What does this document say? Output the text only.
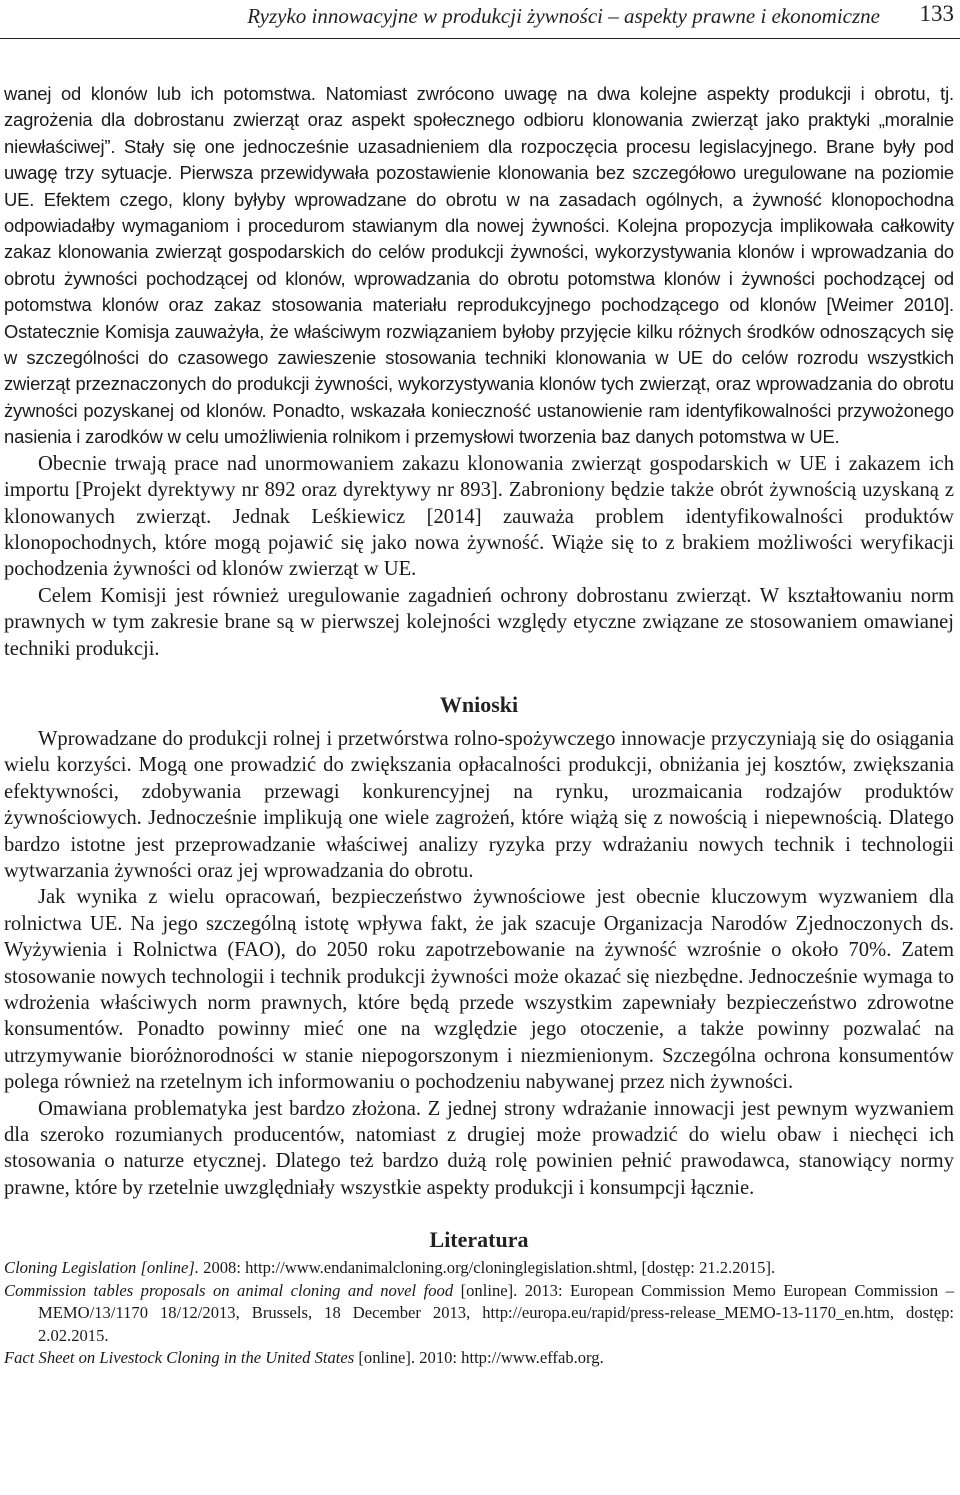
Ryzyko innowacyjne w produkcji żywności – aspekty prawne i ekonomiczne 133

wanej od klonów lub ich potomstwa. Natomiast zwrócono uwagę na dwa kolejne aspekty produkcji i obrotu, tj. zagrożenia dla dobrostanu zwierząt oraz aspekt społecznego odbioru klonowania zwierząt jako praktyki „moralnie niewłaściwej”. Stały się one jednocześnie uzasadnieniem dla rozpoczęcia procesu legislacyjnego. Brane były pod uwagę trzy sytuacje. Pierwsza przewidywała pozostawienie klonowania bez szczegółowo uregulowane na poziomie UE. Efektem czego, klony byłyby wprowadzane do obrotu w na zasadach ogólnych, a żywność klonopochodna odpowiadałby wymaganiom i procedurom stawianym dla nowej żywności. Kolejna propozycja implikowała całkowity zakaz klonowania zwierząt gospodarskich do celów produkcji żywności, wykorzystywania klonów i wprowadzania do obrotu żywności pochodzącej od klonów, wprowadzania do obrotu potomstwa klonów i żywności pochodzącej od potomstwa klonów oraz zakaz stosowania materiału reprodukcyjnego pochodzącego od klonów [Weimer 2010]. Ostatecznie Komisja zauważyła, że właściwym rozwiązaniem byłoby przyjęcie kilku różnych środków odnoszących się w szczególności do czasowego zawieszenie stosowania techniki klonowania w UE do celów rozrodu wszystkich zwierząt przeznaczonych do produkcji żywności, wykorzystywania klonów tych zwierząt, oraz wprowadzania do obrotu żywności pozyskanej od klonów. Ponadto, wskazała konieczność ustanowienie ram identyfikowalności przywożonego nasienia i zarodków w celu umożliwienia rolnikom i przemysłowi tworzenia baz danych potomstwa w UE.

Obecnie trwają prace nad unormowaniem zakazu klonowania zwierząt gospodarskich w UE i zakazem ich importu [Projekt dyrektywy nr 892 oraz dyrektywy nr 893]. Zabroniony będzie także obrót żywnością uzyskaną z klonowanych zwierząt. Jednak Leśkiewicz [2014] zauważa problem identyfikowalności produktów klonopochodnych, które mogą pojawić się jako nowa żywność. Wiąże się to z brakiem możliwości weryfikacji pochodzenia żywności od klonów zwierząt w UE.

Celem Komisji jest również uregulowanie zagadnień ochrony dobrostanu zwierząt. W kształtowaniu norm prawnych w tym zakresie brane są w pierwszej kolejności względy etyczne związane ze stosowaniem omawianej techniki produkcji.

Wnioski

Wprowadzane do produkcji rolnej i przetwórstwa rolno-spożywczego innowacje przyczyniają się do osiągania wielu korzyści. Mogą one prowadzić do zwiększania opłacalności produkcji, obniżania jej kosztów, zwiększania efektywności, zdobywania przewagi konkurencyjnej na rynku, urozmaicania rodzajów produktów żywnościowych. Jednocześnie implikują one wiele zagrożeń, które wiążą się z nowością i niepewnością. Dlatego bardzo istotne jest przeprowadzanie właściwej analizy ryzyka przy wdrażaniu nowych technik i technologii wytwarzania żywności oraz jej wprowadzania do obrotu.

Jak wynika z wielu opracowań, bezpieczeństwo żywnościowe jest obecnie kluczowym wyzwaniem dla rolnictwa UE. Na jego szczególną istotę wpływa fakt, że jak szacuje Organizacja Narodów Zjednoczonych ds. Wyżywienia i Rolnictwa (FAO), do 2050 roku zapotrzebowanie na żywność wzrośnie o około 70%. Zatem stosowanie nowych technologii i technik produkcji żywności może okazać się niezbędne. Jednocześnie wymaga to wdrożenia właściwych norm prawnych, które będą przede wszystkim zapewniały bezpieczeństwo zdrowotne konsumentów. Ponadto powinny mieć one na względzie jego otoczenie, a także powinny pozwalać na utrzymywanie bioróżnorodności w stanie niepogorszonym i niezmienionym. Szczególna ochrona konsumentów polega również na rzetelnym ich informowaniu o pochodzeniu nabywanej przez nich żywności.

Omawiana problematyka jest bardzo złożona. Z jednej strony wdrażanie innowacji jest pewnym wyzwaniem dla szeroko rozumianych producentów, natomiast z drugiej może prowadzić do wielu obaw i niechęci ich stosowania o naturze etycznej. Dlatego też bardzo dużą rolę powinien pełnić prawodawca, stanowiący normy prawne, które by rzetelnie uwzględniały wszystkie aspekty produkcji i konsumpcji łącznie.

Literatura

Cloning Legislation [online]. 2008: http://www.endanimalcloning.org/cloninglegislation.shtml, [dostęp: 21.2.2015].

Commission tables proposals on animal cloning and novel food [online]. 2013: European Commission Memo European Commission – MEMO/13/1170 18/12/2013, Brussels, 18 December 2013, http://europa.eu/rapid/press-release_MEMO-13-1170_en.htm, dostęp: 2.02.2015.

Fact Sheet on Livestock Cloning in the United States [online]. 2010: http://www.effab.org.
